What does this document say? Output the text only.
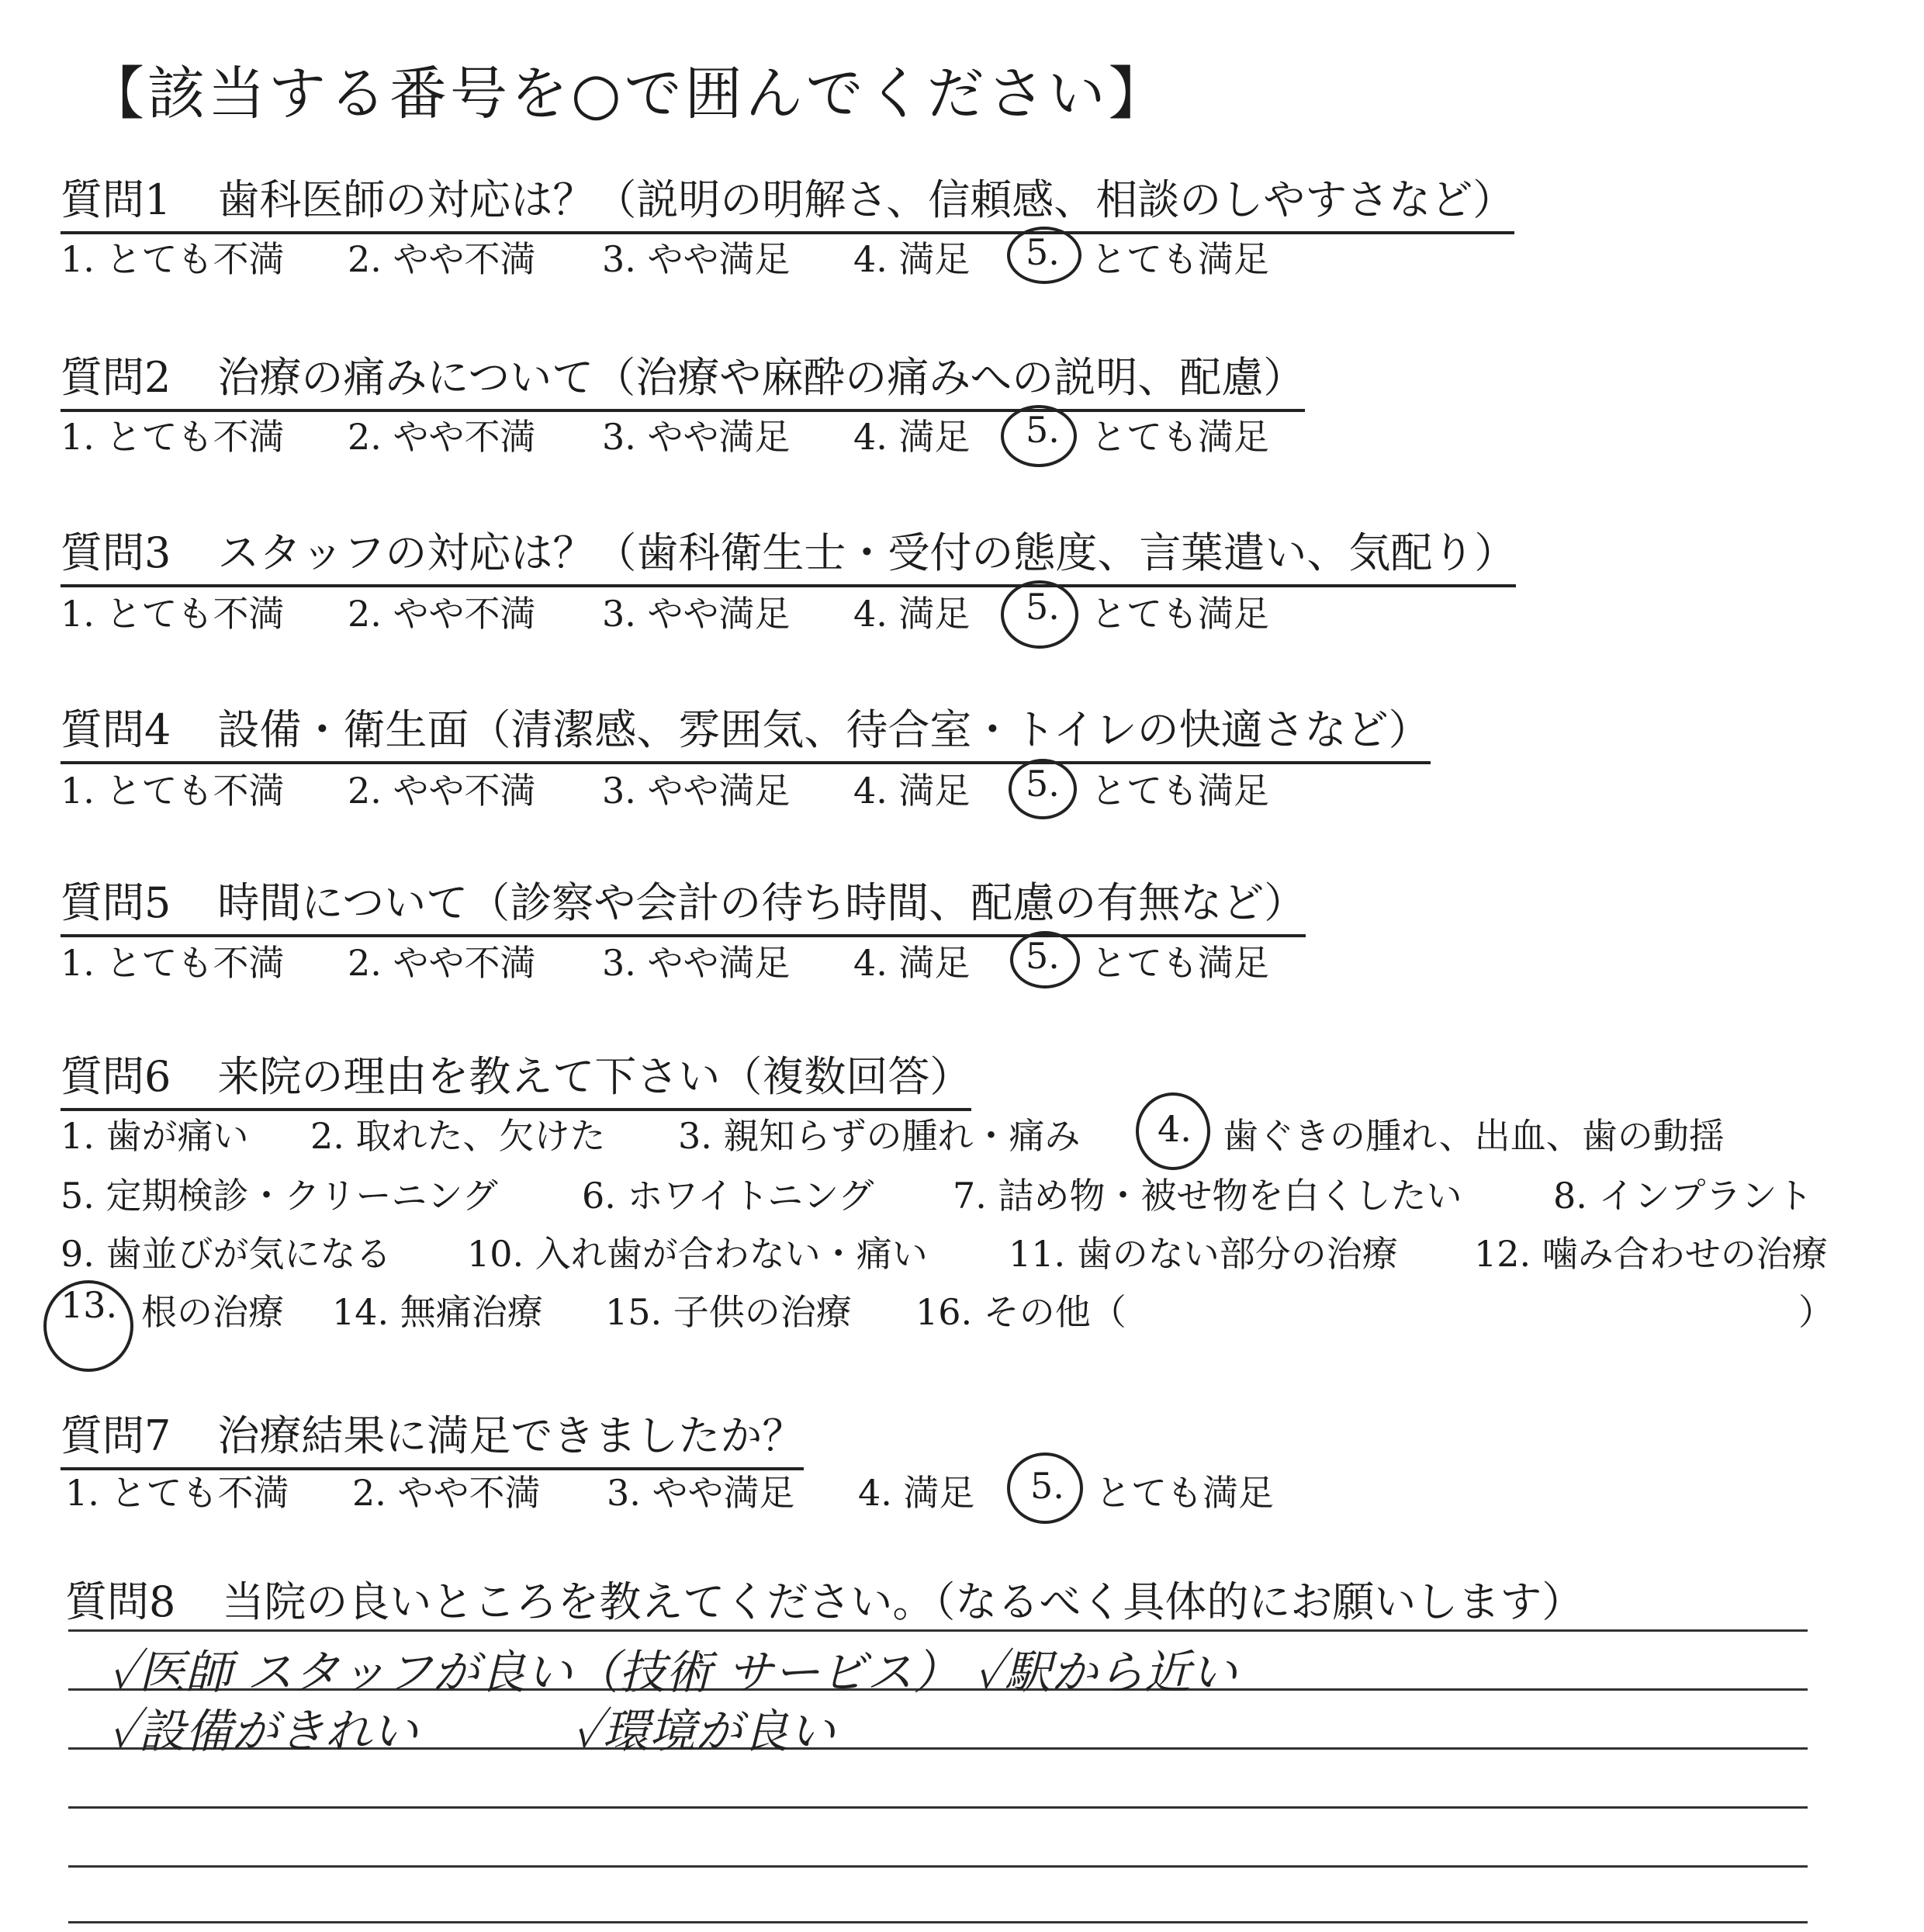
【該当する番号を○で囲んでください】
質問1 歯科医師の対応は？（説明の明解さ、信頼感、相談のしやすさなど）
1. とても不満 2. やや不満 3. やや満足 4. 満足 5. とても満足
質問2 治療の痛みについて（治療や麻酔の痛みへの説明、配慮）
1. とても不満 2. やや不満 3. やや満足 4. 満足 5. とても満足
質問3 スタッフの対応は？（歯科衛生士・受付の態度、言葉遣い、気配り）
1. とても不満 2. やや不満 3. やや満足 4. 満足 5. とても満足
質問4 設備・衛生面（清潔感、雰囲気、待合室・トイレの快適さなど）
1. とても不満 2. やや不満 3. やや満足 4. 満足 5. とても満足
質問5 時間について（診察や会計の待ち時間、配慮の有無など）
1. とても不満 2. やや不満 3. やや満足 4. 満足 5. とても満足
質問6 来院の理由を教えて下さい（複数回答）
1. 歯が痛い 2. 取れた、欠けた 3. 親知らずの腫れ・痛み 4. 歯ぐきの腫れ、出血、歯の動揺
5. 定期検診・クリーニング 6. ホワイトニング 7. 詰め物・被せ物を白くしたい	8. インプラント
9. 歯並びが気になる 10. 入れ歯が合わない・痛い 11. 歯のない部分の治療 12. 噛み合わせの治療
13. 根の治療 14. 無痛治療 15. 子供の治療 16. その他（	）
質問7 治療結果に満足できましたか？
1. とても不満 2. やや不満 3. やや満足 4. 満足 5. とても満足
質問8 当院の良いところを教えてください。（なるべく具体的にお願いします）
✓医師 スタッフが良い（技術 サービス） ✓駅から近い
✓設備がきれい　　　 ✓環境が良い
